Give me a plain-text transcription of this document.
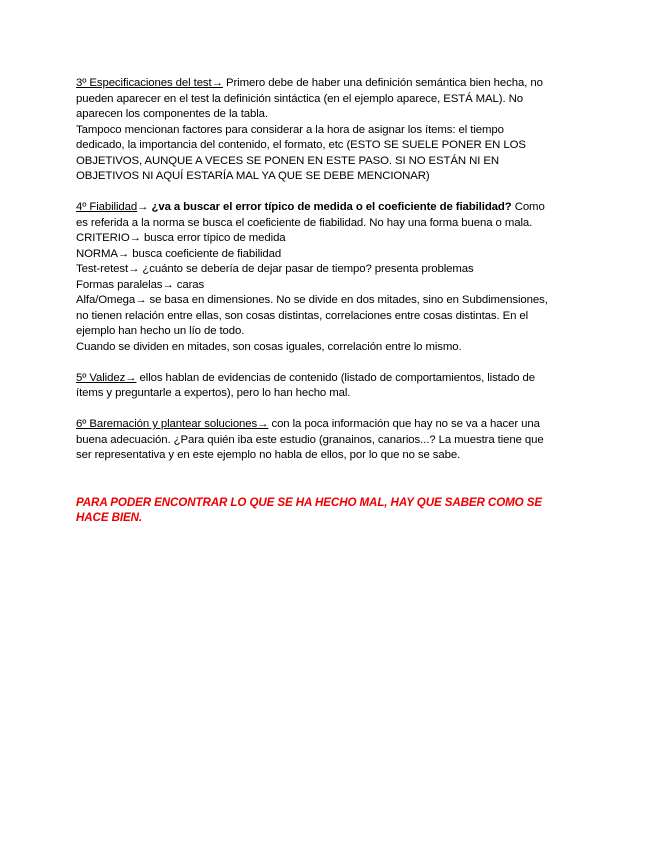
3º Especificaciones del test→ Primero debe de haber una definición semántica bien hecha, no
pueden aparecer en el test la definición sintáctica (en el ejemplo aparece, ESTÁ MAL). No
aparecen los componentes de la tabla.
Tampoco mencionan factores para considerar a la hora de asignar los ítems: el tiempo
dedicado, la importancia del contenido, el formato, etc (ESTO SE SUELE PONER EN LOS
OBJETIVOS, AUNQUE A VECES SE PONEN EN ESTE PASO. SI NO ESTÁN NI EN
OBJETIVOS NI AQUÍ ESTARÍA MAL YA QUE SE DEBE MENCIONAR)
4º Fiabilidad→ ¿va a buscar el error típico de medida o el coeficiente de fiabilidad? Como
es referida a la norma se busca el coeficiente de fiabilidad. No hay una forma buena o mala.
CRITERIO→ busca error típico de medida
NORMA→ busca coeficiente de fiabilidad
Test-retest→ ¿cuánto se debería de dejar pasar de tiempo? presenta problemas
Formas paralelas→ caras
Alfa/Omega→ se basa en dimensiones. No se divide en dos mitades, sino en Subdimensiones,
no tienen relación entre ellas, son cosas distintas, correlaciones entre cosas distintas. En el
ejemplo han hecho un lío de todo.
Cuando se dividen en mitades, son cosas iguales, correlación entre lo mismo.
5º Validez→ ellos hablan de evidencias de contenido (listado de comportamientos, listado de
ítems y preguntarle a expertos), pero lo han hecho mal.
6º Baremación y plantear soluciones→ con la poca información que hay no se va a hacer una
buena adecuación. ¿Para quién iba este estudio (granainos, canarios...? La muestra tiene que
ser representativa y en este ejemplo no habla de ellos, por lo que no se sabe.
PARA PODER ENCONTRAR LO QUE SE HA HECHO MAL, HAY QUE SABER COMO SE
HACE BIEN.
